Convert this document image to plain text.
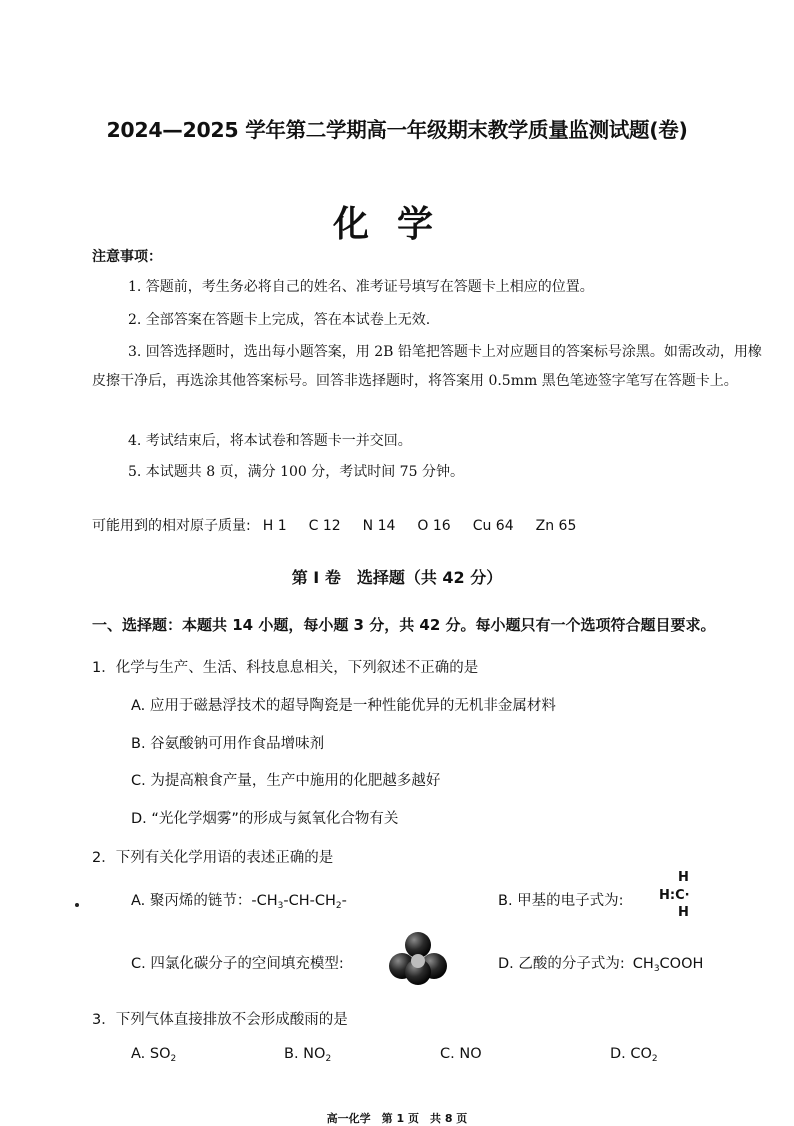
2024—2025 学年第二学期高一年级期末教学质量监测试题(卷)
化学
注意事项：
1. 答题前，考生务必将自己的姓名、准考证号填写在答题卡上相应的位置。
2. 全部答案在答题卡上完成，答在本试卷上无效.
3. 回答选择题时，选出每小题答案，用 2B 铅笔把答题卡上对应题目的答案标号涂黑。如需改动，用橡皮擦干净后，再选涂其他答案标号。回答非选择题时，将答案用 0.5mm 黑色笔迹签字笔写在答题卡上。
4. 考试结束后，将本试卷和答题卡一并交回。
5. 本试题共 8 页，满分 100 分，考试时间 75 分钟。
可能用到的相对原子质量: H 1 C 12 N 14 O 16 Cu 64 Zn 65
第 I 卷　选择题（共 42 分）
一、选择题：本题共 14 小题，每小题 3 分，共 42 分。每小题只有一个选项符合题目要求。
1．化学与生产、生活、科技息息相关，下列叙述不正确的是
A. 应用于磁悬浮技术的超导陶瓷是一种性能优异的无机非金属材料
B. 谷氨酸钠可用作食品增味剂
C. 为提高粮食产量，生产中施用的化肥越多越好
D. “光化学烟雾”的形成与氮氧化合物有关
2．下列有关化学用语的表述正确的是
A. 聚丙烯的链节：$-CH_3-CH-CH_2-$	B. 甲基的电子式为:
H
H:C·
H
C. 四氯化碳分子的空间填充模型:	D. 乙酸的分子式为: $CH_3COOH$
3．下列气体直接排放不会形成酸雨的是
A. $SO_2$	B. $NO_2$	C. NO	D. $CO_2$
高一化学　第 1 页　共 8 页
